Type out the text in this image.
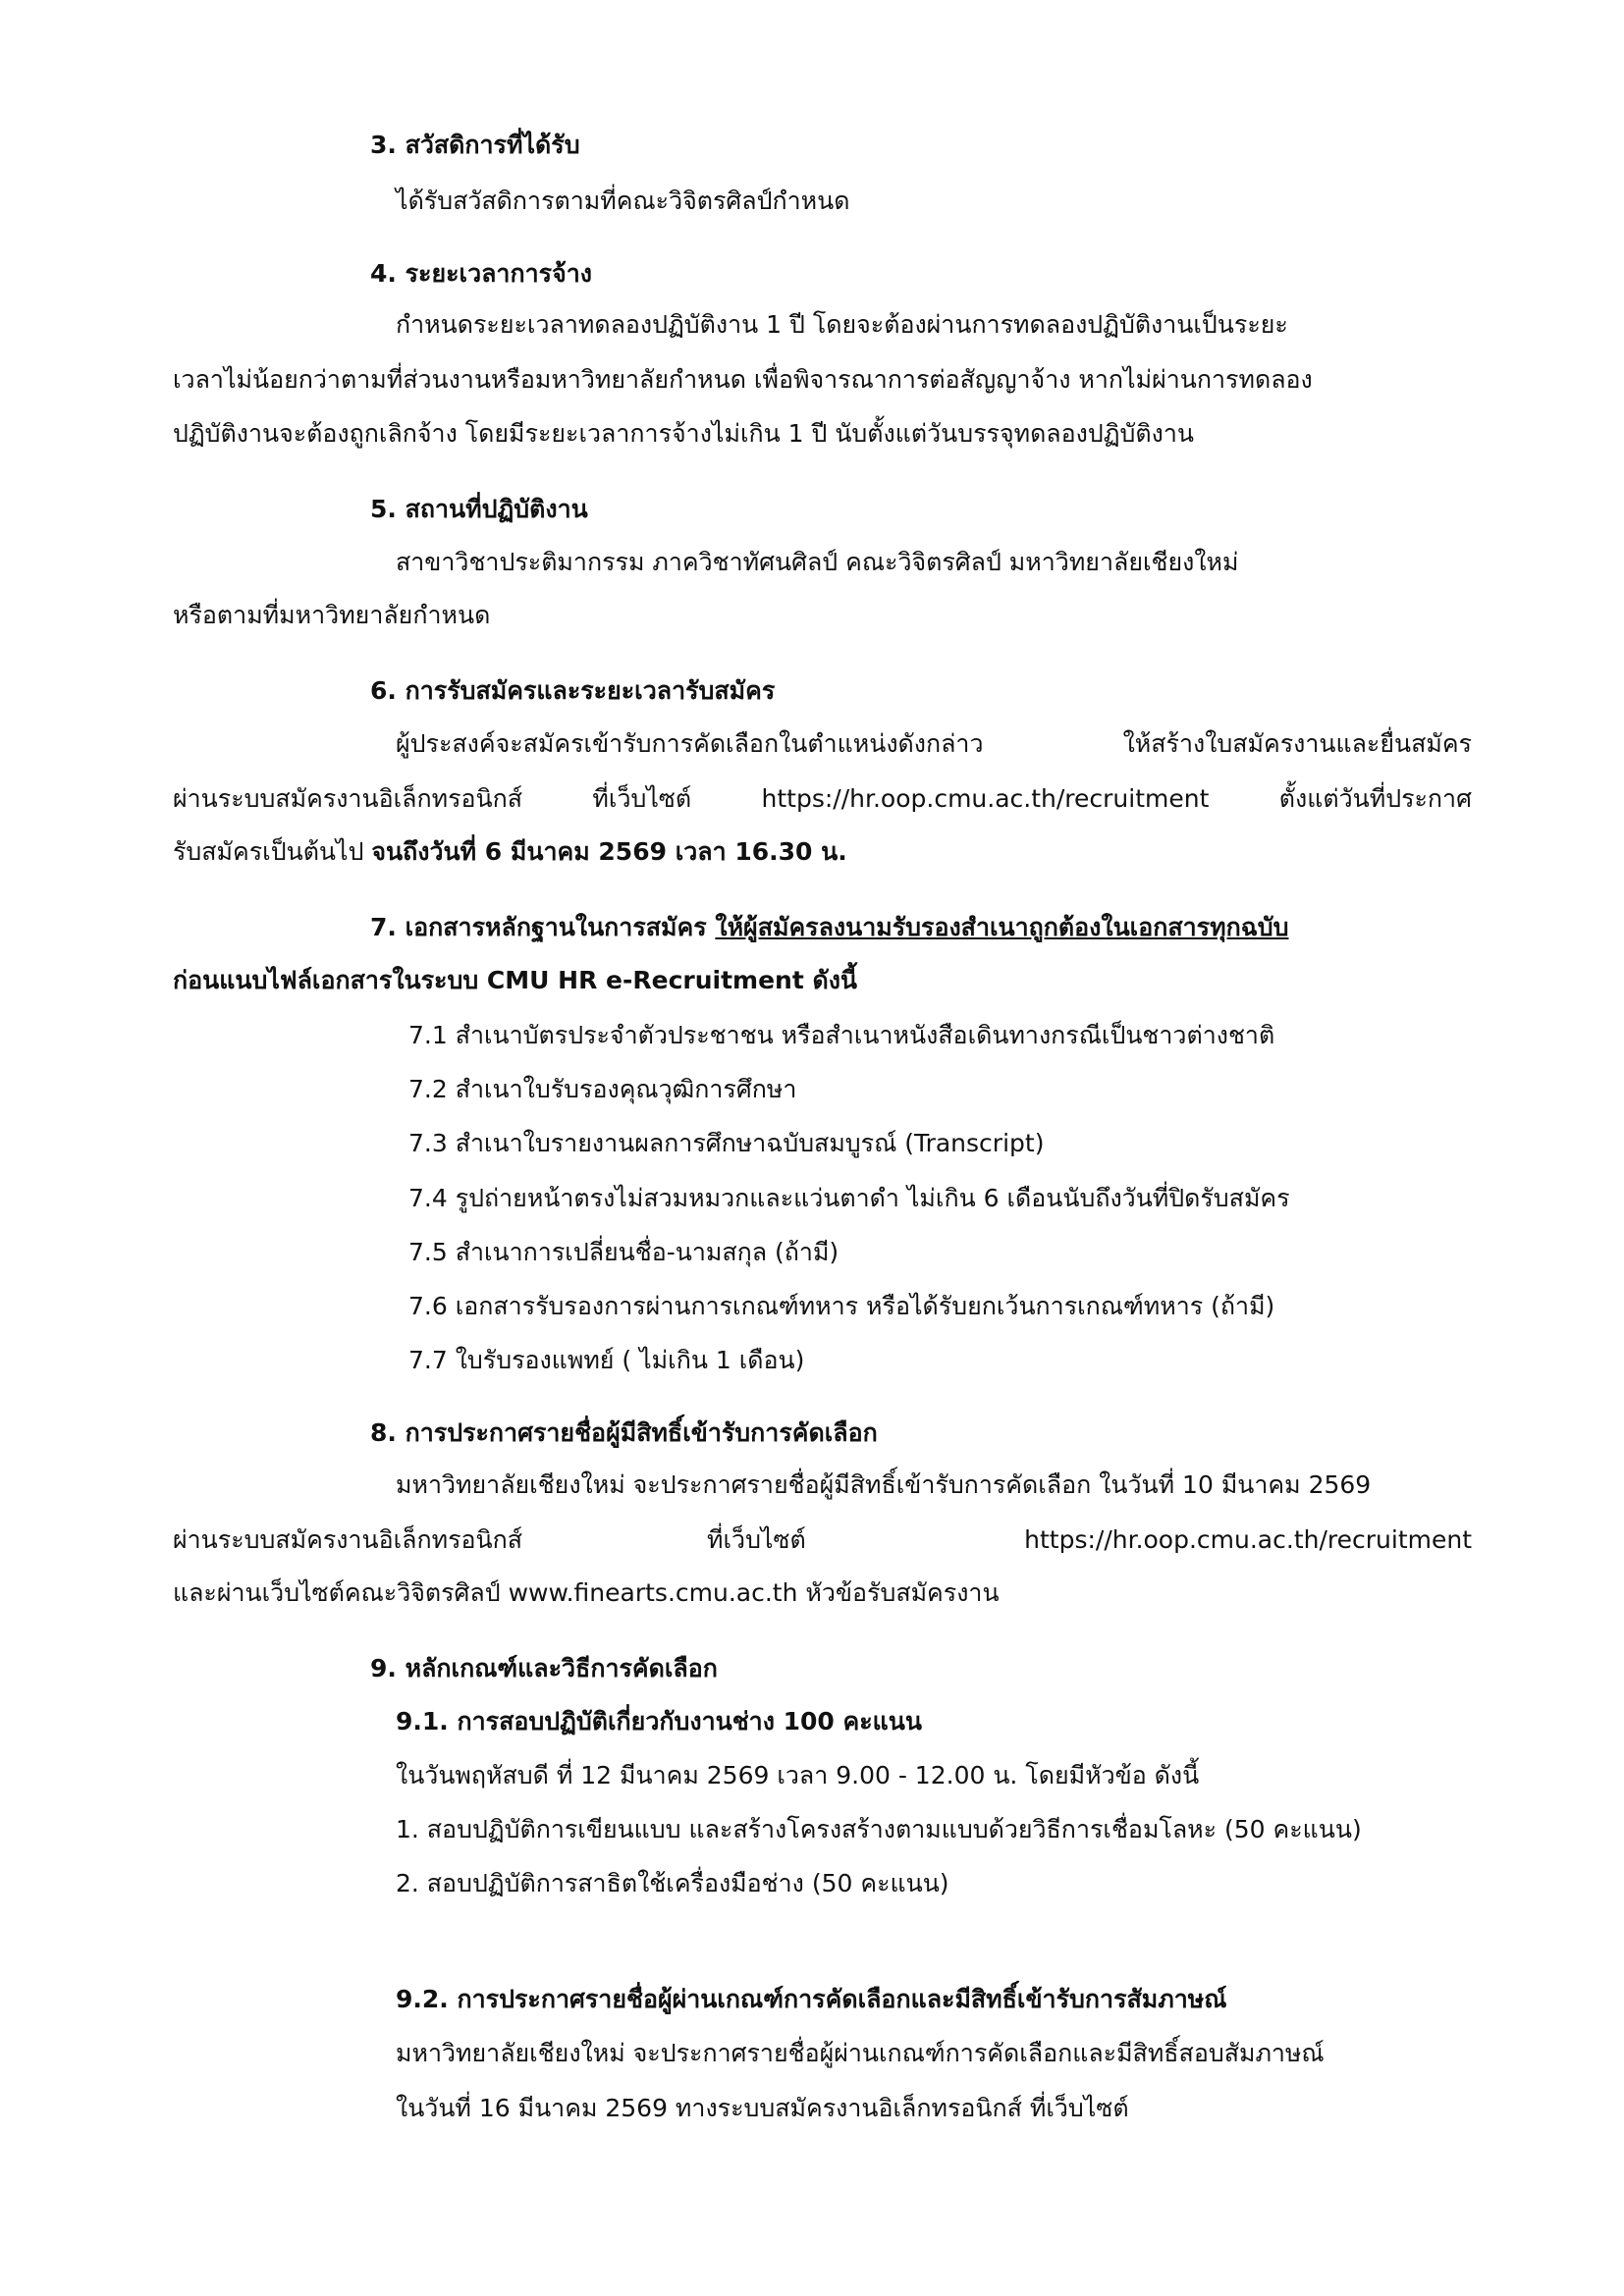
3. สวัสดิการที่ได้รับ
ได้รับสวัสดิการตามที่คณะวิจิตรศิลป์กำหนด
4. ระยะเวลาการจ้าง
กำหนดระยะเวลาทดลองปฏิบัติงาน 1 ปี โดยจะต้องผ่านการทดลองปฏิบัติงานเป็นระยะ
เวลาไม่น้อยกว่าตามที่ส่วนงานหรือมหาวิทยาลัยกำหนด เพื่อพิจารณาการต่อสัญญาจ้าง หากไม่ผ่านการทดลอง
ปฏิบัติงานจะต้องถูกเลิกจ้าง โดยมีระยะเวลาการจ้างไม่เกิน 1 ปี นับตั้งแต่วันบรรจุทดลองปฏิบัติงาน
5. สถานที่ปฏิบัติงาน
สาขาวิชาประติมากรรม ภาควิชาทัศนศิลป์ คณะวิจิตรศิลป์ มหาวิทยาลัยเชียงใหม่
หรือตามที่มหาวิทยาลัยกำหนด
6. การรับสมัครและระยะเวลารับสมัคร
ผู้ประสงค์จะสมัครเข้ารับการคัดเลือกในตำแหน่งดังกล่าว	ให้สร้างใบสมัครงานและยื่นสมัคร
ผ่านระบบสมัครงานอิเล็กทรอนิกส์	ที่เว็บไซต์	https://hr.oop.cmu.ac.th/recruitment	ตั้งแต่วันที่ประกาศ
รับสมัครเป็นต้นไป จนถึงวันที่ 6 มีนาคม 2569 เวลา 16.30 น.
7. เอกสารหลักฐานในการสมัคร ให้ผู้สมัครลงนามรับรองสำเนาถูกต้องในเอกสารทุกฉบับ
ก่อนแนบไฟล์เอกสารในระบบ CMU HR e-Recruitment ดังนี้
7.1 สำเนาบัตรประจำตัวประชาชน หรือสำเนาหนังสือเดินทางกรณีเป็นชาวต่างชาติ
7.2 สำเนาใบรับรองคุณวุฒิการศึกษา
7.3 สำเนาใบรายงานผลการศึกษาฉบับสมบูรณ์ (Transcript)
7.4 รูปถ่ายหน้าตรงไม่สวมหมวกและแว่นตาดำ ไม่เกิน 6 เดือนนับถึงวันที่ปิดรับสมัคร
7.5 สำเนาการเปลี่ยนชื่อ-นามสกุล (ถ้ามี)
7.6 เอกสารรับรองการผ่านการเกณฑ์ทหาร หรือได้รับยกเว้นการเกณฑ์ทหาร (ถ้ามี)
7.7 ใบรับรองแพทย์ ( ไม่เกิน 1 เดือน)
8. การประกาศรายชื่อผู้มีสิทธิ์เข้ารับการคัดเลือก
มหาวิทยาลัยเชียงใหม่ จะประกาศรายชื่อผู้มีสิทธิ์เข้ารับการคัดเลือก ในวันที่ 10 มีนาคม 2569
ผ่านระบบสมัครงานอิเล็กทรอนิกส์	ที่เว็บไซต์	https://hr.oop.cmu.ac.th/recruitment
และผ่านเว็บไซต์คณะวิจิตรศิลป์ www.finearts.cmu.ac.th หัวข้อรับสมัครงาน
9. หลักเกณฑ์และวิธีการคัดเลือก
9.1. การสอบปฏิบัติเกี่ยวกับงานช่าง 100 คะแนน
ในวันพฤหัสบดี ที่ 12 มีนาคม 2569 เวลา 9.00 - 12.00 น. โดยมีหัวข้อ ดังนี้
1. สอบปฏิบัติการเขียนแบบ และสร้างโครงสร้างตามแบบด้วยวิธีการเชื่อมโลหะ (50 คะแนน)
2. สอบปฏิบัติการสาธิตใช้เครื่องมือช่าง (50 คะแนน)
9.2. การประกาศรายชื่อผู้ผ่านเกณฑ์การคัดเลือกและมีสิทธิ์เข้ารับการสัมภาษณ์
มหาวิทยาลัยเชียงใหม่ จะประกาศรายชื่อผู้ผ่านเกณฑ์การคัดเลือกและมีสิทธิ์สอบสัมภาษณ์
ในวันที่ 16 มีนาคม 2569 ทางระบบสมัครงานอิเล็กทรอนิกส์ ที่เว็บไซต์
